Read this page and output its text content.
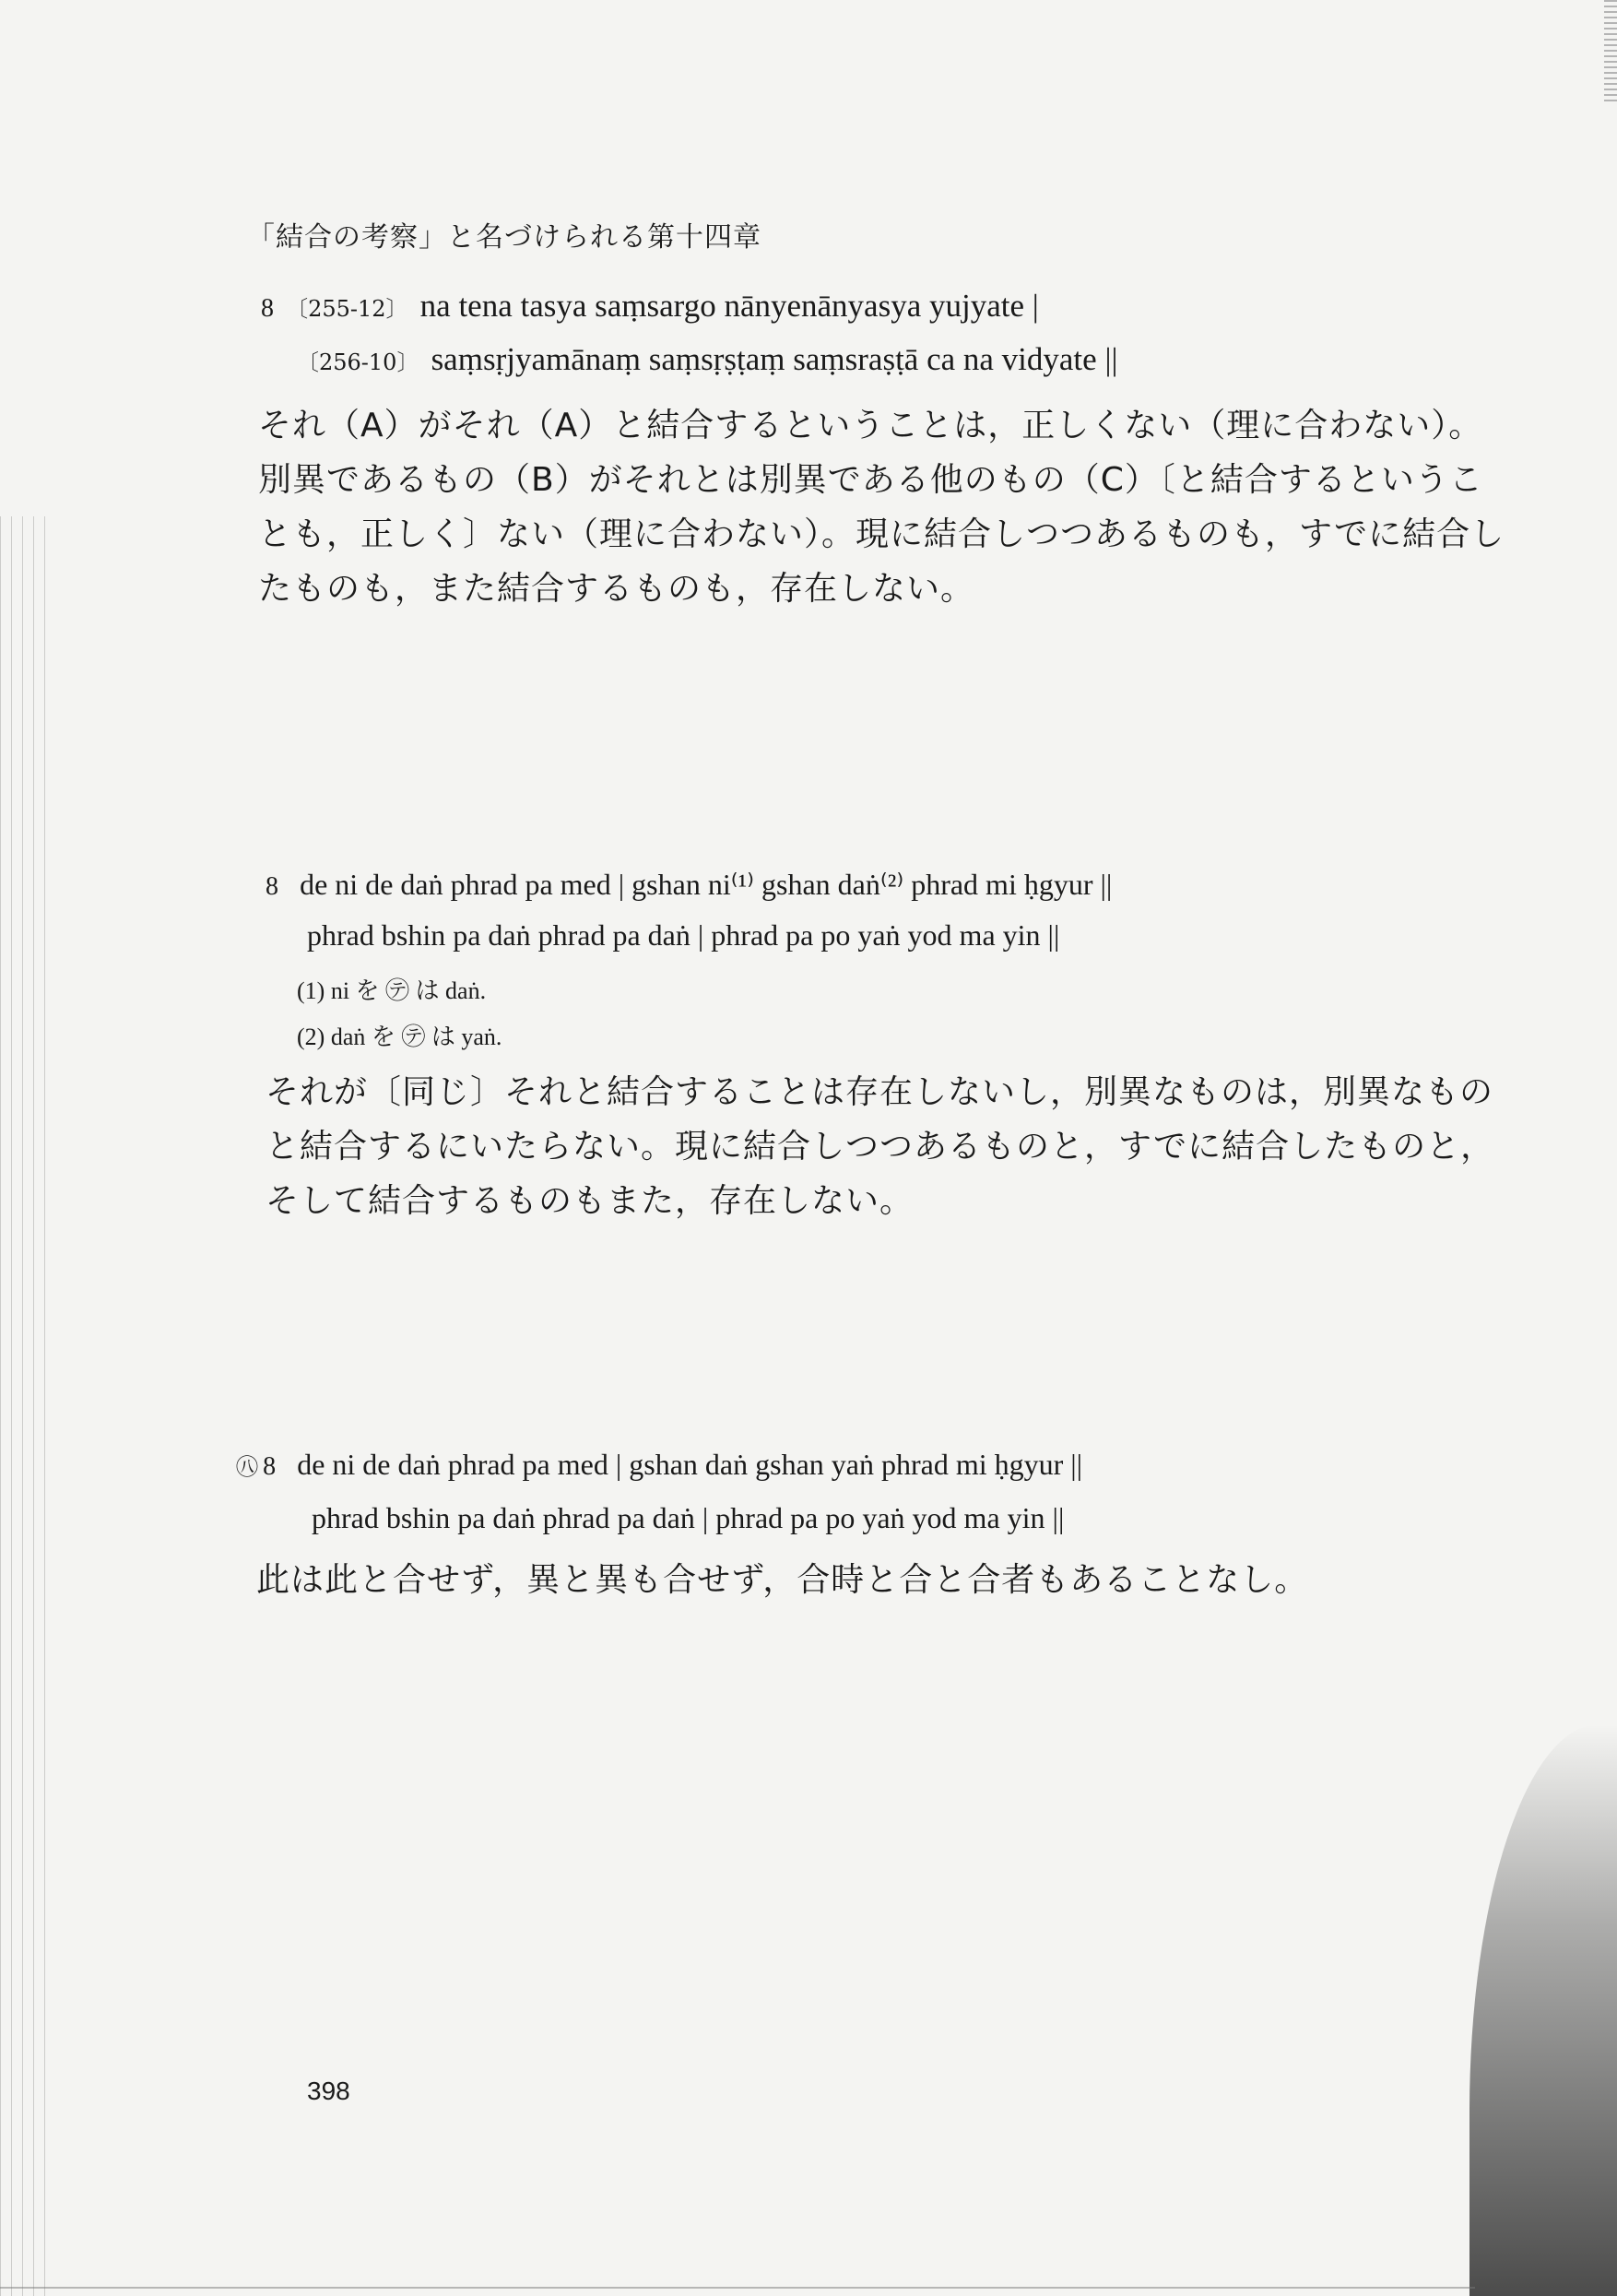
「結合の考察」と名づけられる第十四章
8 〔255-12〕 na tena tasya saṃsargo nānyenānyasya yujyate |
〔256-10〕 saṃsṛjyamānaṃ saṃsṛṣṭaṃ saṃsraṣṭā ca na vidyate ||
それ（A）がそれ（A）と結合するということは，正しくない（理に合わない）。
別異であるもの（B）がそれとは別異である他のもの（C）〔と結合するというこ
とも，正しく〕ない（理に合わない）。現に結合しつつあるものも，すでに結合し
たものも，また結合するものも，存在しない。
8 de ni de daṅ phrad pa med | gshan ni⁽¹⁾ gshan daṅ⁽²⁾ phrad mi ḥgyur ||
phrad bshin pa daṅ phrad pa daṅ | phrad pa po yaṅ yod ma yin ||
(1) ni を ㋢ は daṅ.
(2) daṅ を ㋢ は yaṅ.
それが〔同じ〕それと結合することは存在しないし，別異なものは，別異なもの
と結合するにいたらない。現に結合しつつあるものと，すでに結合したものと，
そして結合するものもまた，存在しない。
㊇ 8 de ni de daṅ phrad pa med | gshan daṅ gshan yaṅ phrad mi ḥgyur ||
phrad bshin pa daṅ phrad pa daṅ | phrad pa po yaṅ yod ma yin ||
此は此と合せず，異と異も合せず，合時と合と合者もあることなし。
398
